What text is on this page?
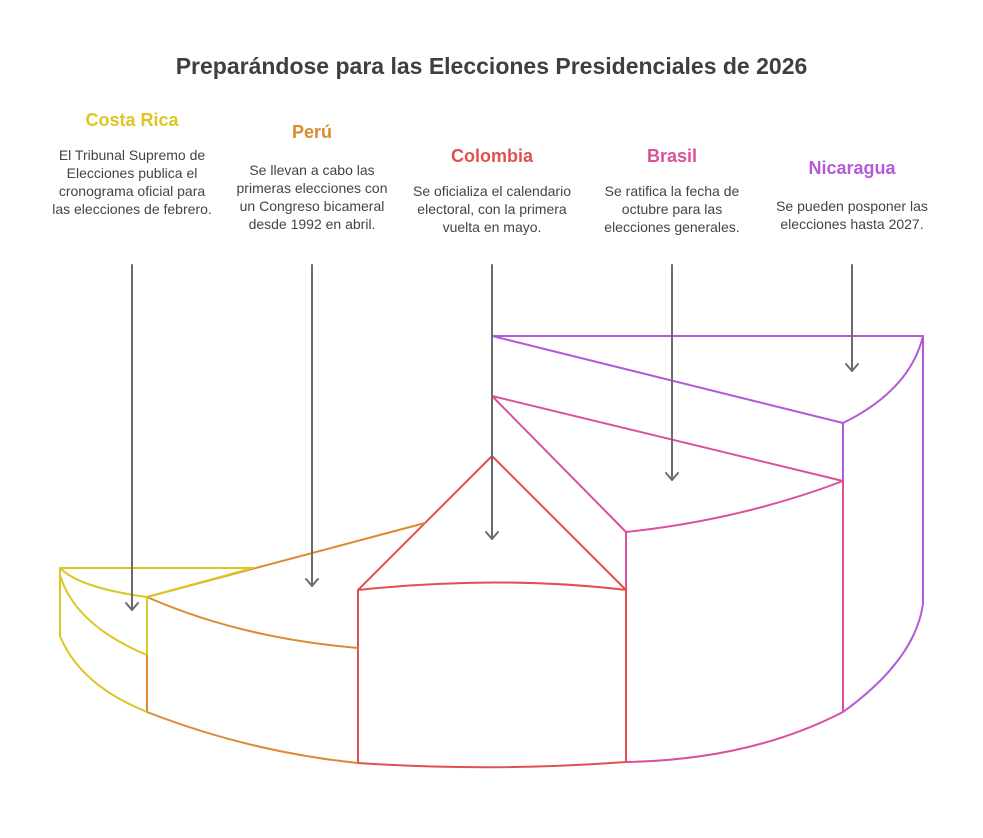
Preparándose para las Elecciones Presidenciales de 2026
Costa Rica
El Tribunal Supremo de Elecciones publica el cronograma oficial para las elecciones de febrero.
Perú
Se llevan a cabo las primeras elecciones con un Congreso bicameral desde 1992 en abril.
Colombia
Se oficializa el calendario electoral, con la primera vuelta en mayo.
Brasil
Se ratifica la fecha de octubre para las elecciones generales.
Nicaragua
Se pueden posponer las elecciones hasta 2027.
